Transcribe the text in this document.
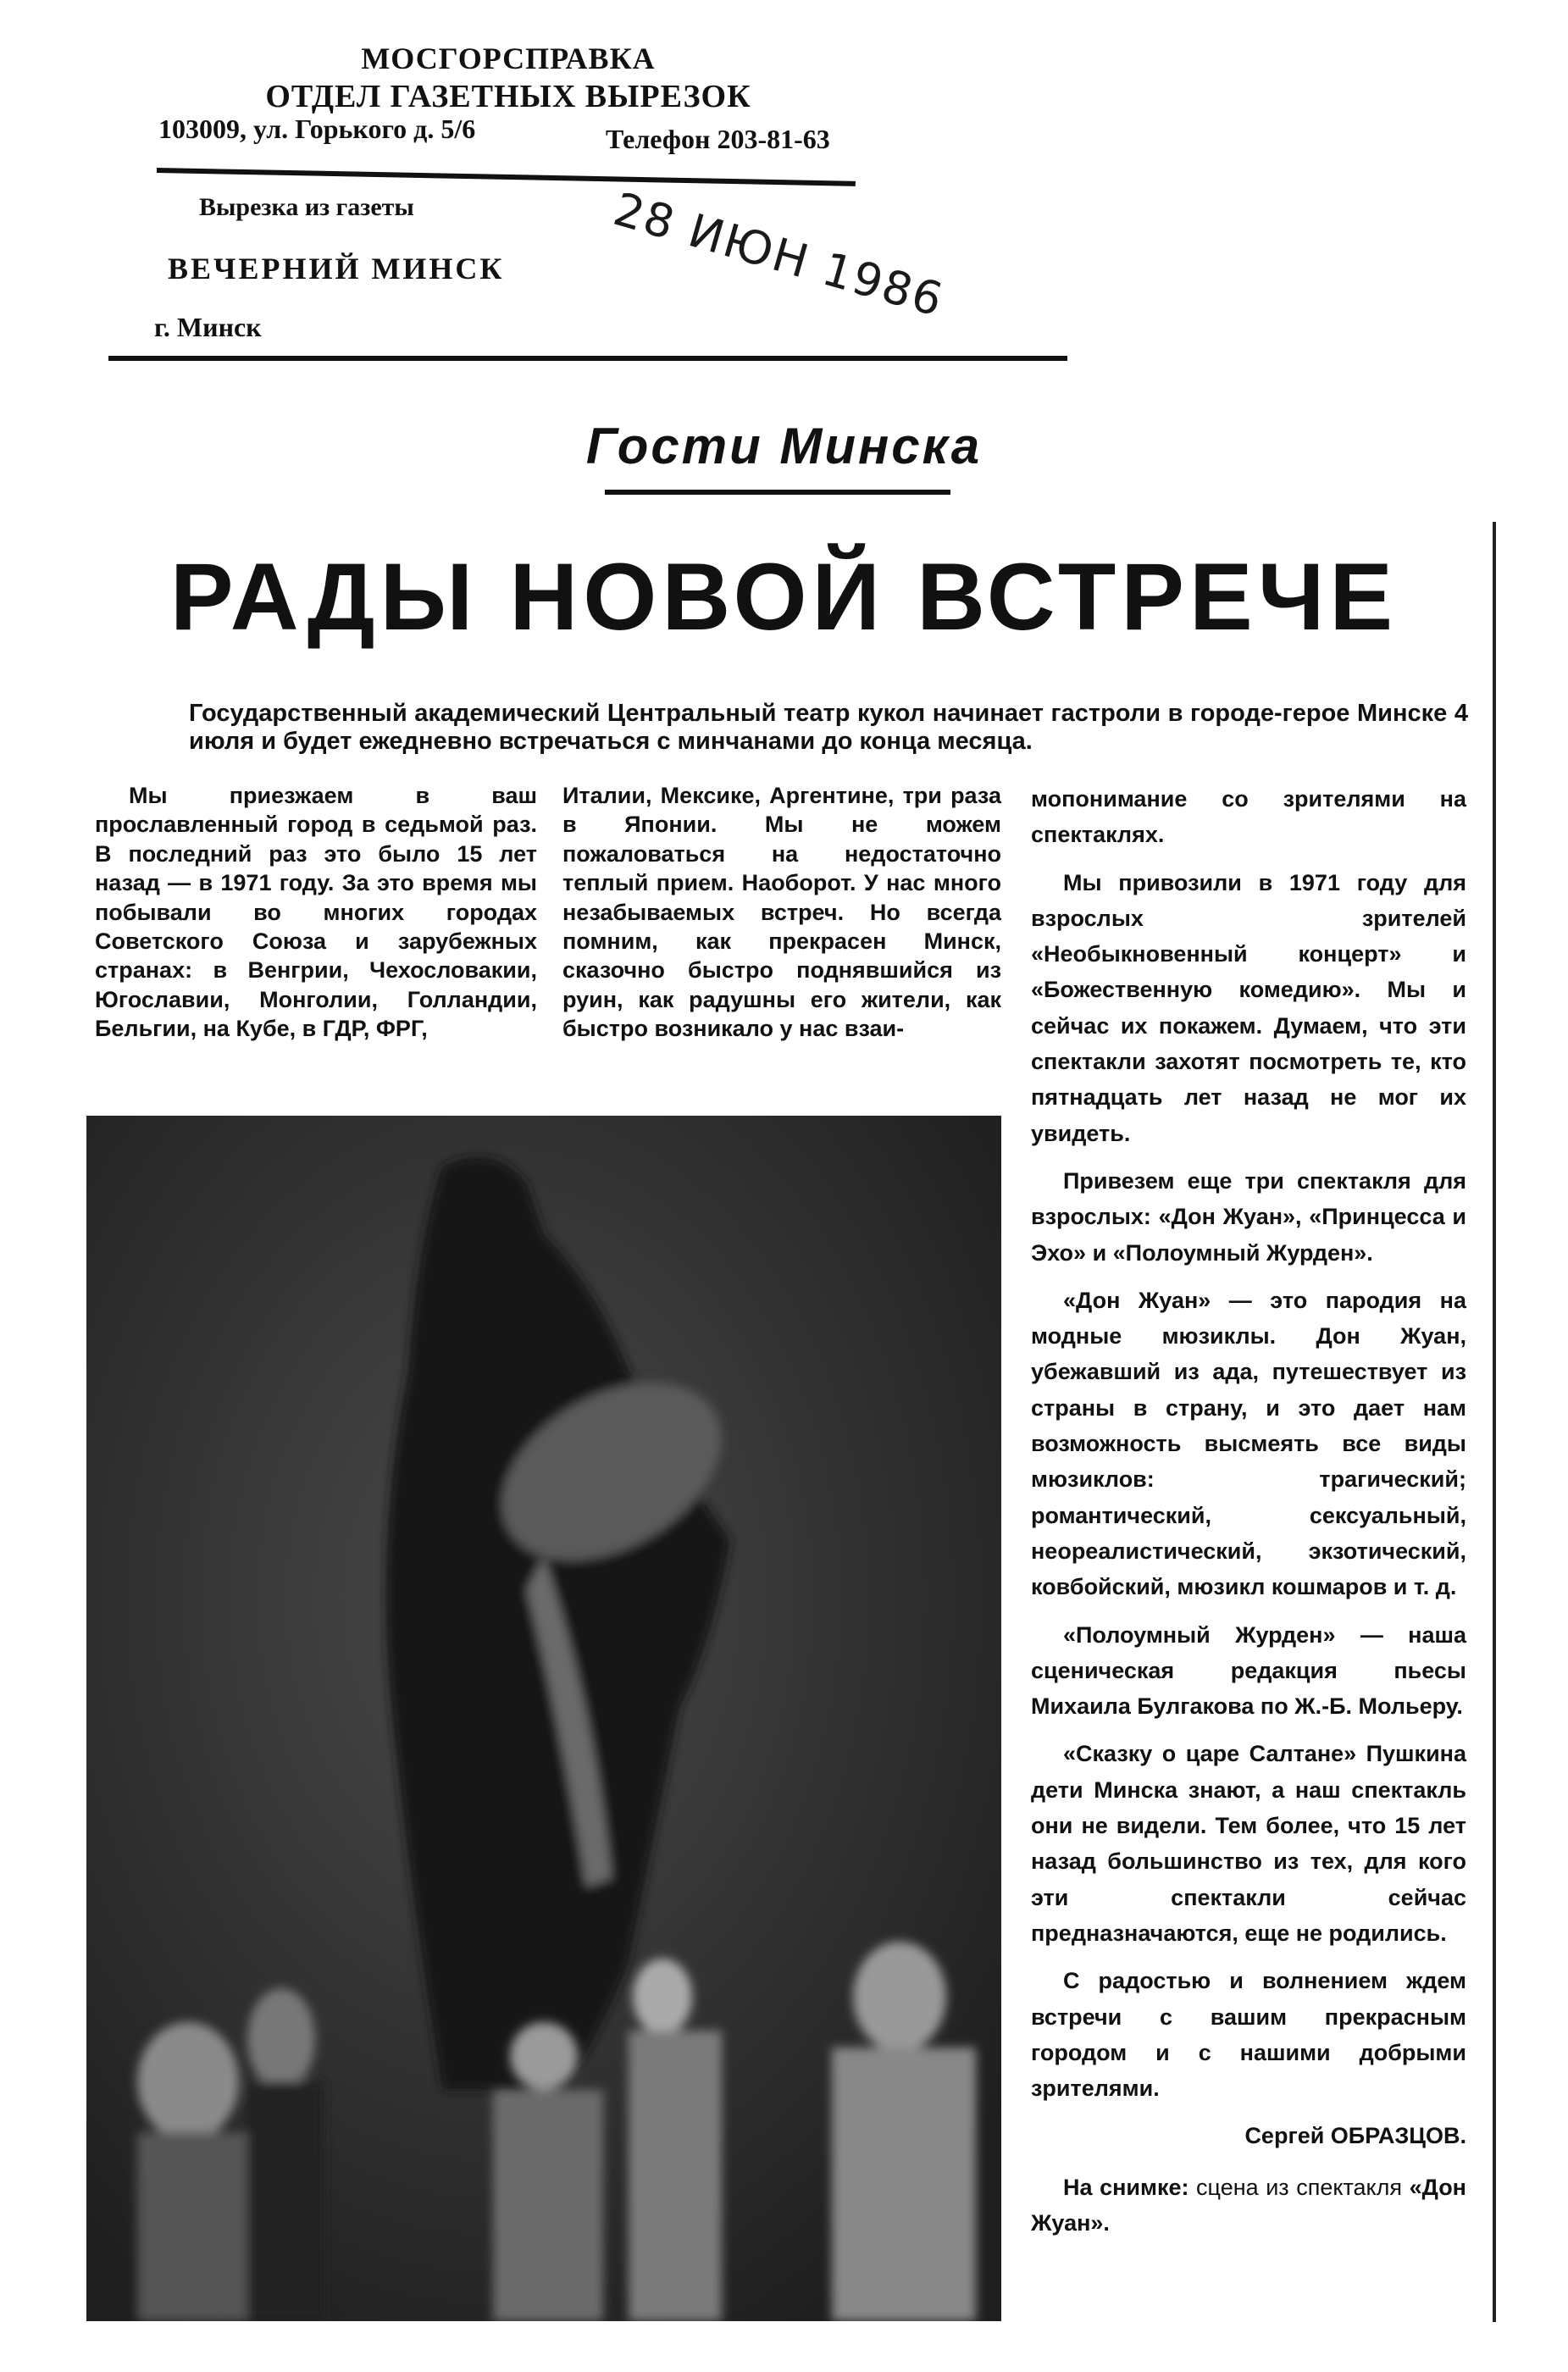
МОСГОРСПРАВКА
ОТДЕЛ ГАЗЕТНЫХ ВЫРЕЗОК
103009, ул. Горького д. 5/6	Телефон 203-81-63
Вырезка из газеты
ВЕЧЕРНИЙ МИНСК
г. Минск	28 ИЮН 1986
Гости Минска
РАДЫ НОВОЙ ВСТРЕЧЕ
Государственный академический Центральный театр кукол начинает гастроли в городе-герое Минске 4 июля и будет ежедневно встречаться с минчанами до конца месяца.
Мы приезжаем в ваш прославленный город в седьмой раз. В последний раз это было 15 лет назад — в 1971 году. За это время мы побывали во многих городах Советского Союза и зарубежных странах: в Венгрии, Чехословакии, Югославии, Монголии, Голландии, Бельгии, на Кубе, в ГДР, ФРГ,
Италии, Мексике, Аргентине, три раза в Японии. Мы не можем пожаловаться на недостаточно теплый прием. Наоборот. У нас много незабываемых встреч. Но всегда помним, как прекрасен Минск, сказочно быстро поднявшийся из руин, как радушны его жители, как быстро возникало у нас взаи-

мопонимание со зрителями на спектаклях.

Мы привозили в 1971 году для взрослых зрителей «Необыкновенный концерт» и «Божественную комедию». Мы и сейчас их покажем. Думаем, что эти спектакли захотят посмотреть те, кто пятнадцать лет назад не мог их увидеть.

Привезем еще три спектакля для взрослых: «Дон Жуан», «Принцесса и Эхо» и «Полоумный Журден».

«Дон Жуан» — это пародия на модные мюзиклы. Дон Жуан, убежавший из ада, путешествует из страны в страну, и это дает нам возможность высмеять все виды мюзиклов: трагический; романтический, сексуальный, неореалистический, экзотический, ковбойский, мюзикл кошмаров и т. д.

«Полоумный Журден» — наша сценическая редакция пьесы Михаила Булгакова по Ж.-Б. Мольеру.

«Сказку о царе Салтане» Пушкина дети Минска знают, а наш спектакль они не видели. Тем более, что 15 лет назад большинство из тех, для кого эти спектакли сейчас предназначаются, еще не родились.

С радостью и волнением ждем встречи с вашим прекрасным городом и с нашими добрыми зрителями.

Сергей ОБРАЗЦОВ.

На снимке: сцена из спектакля «Дон Жуан».
